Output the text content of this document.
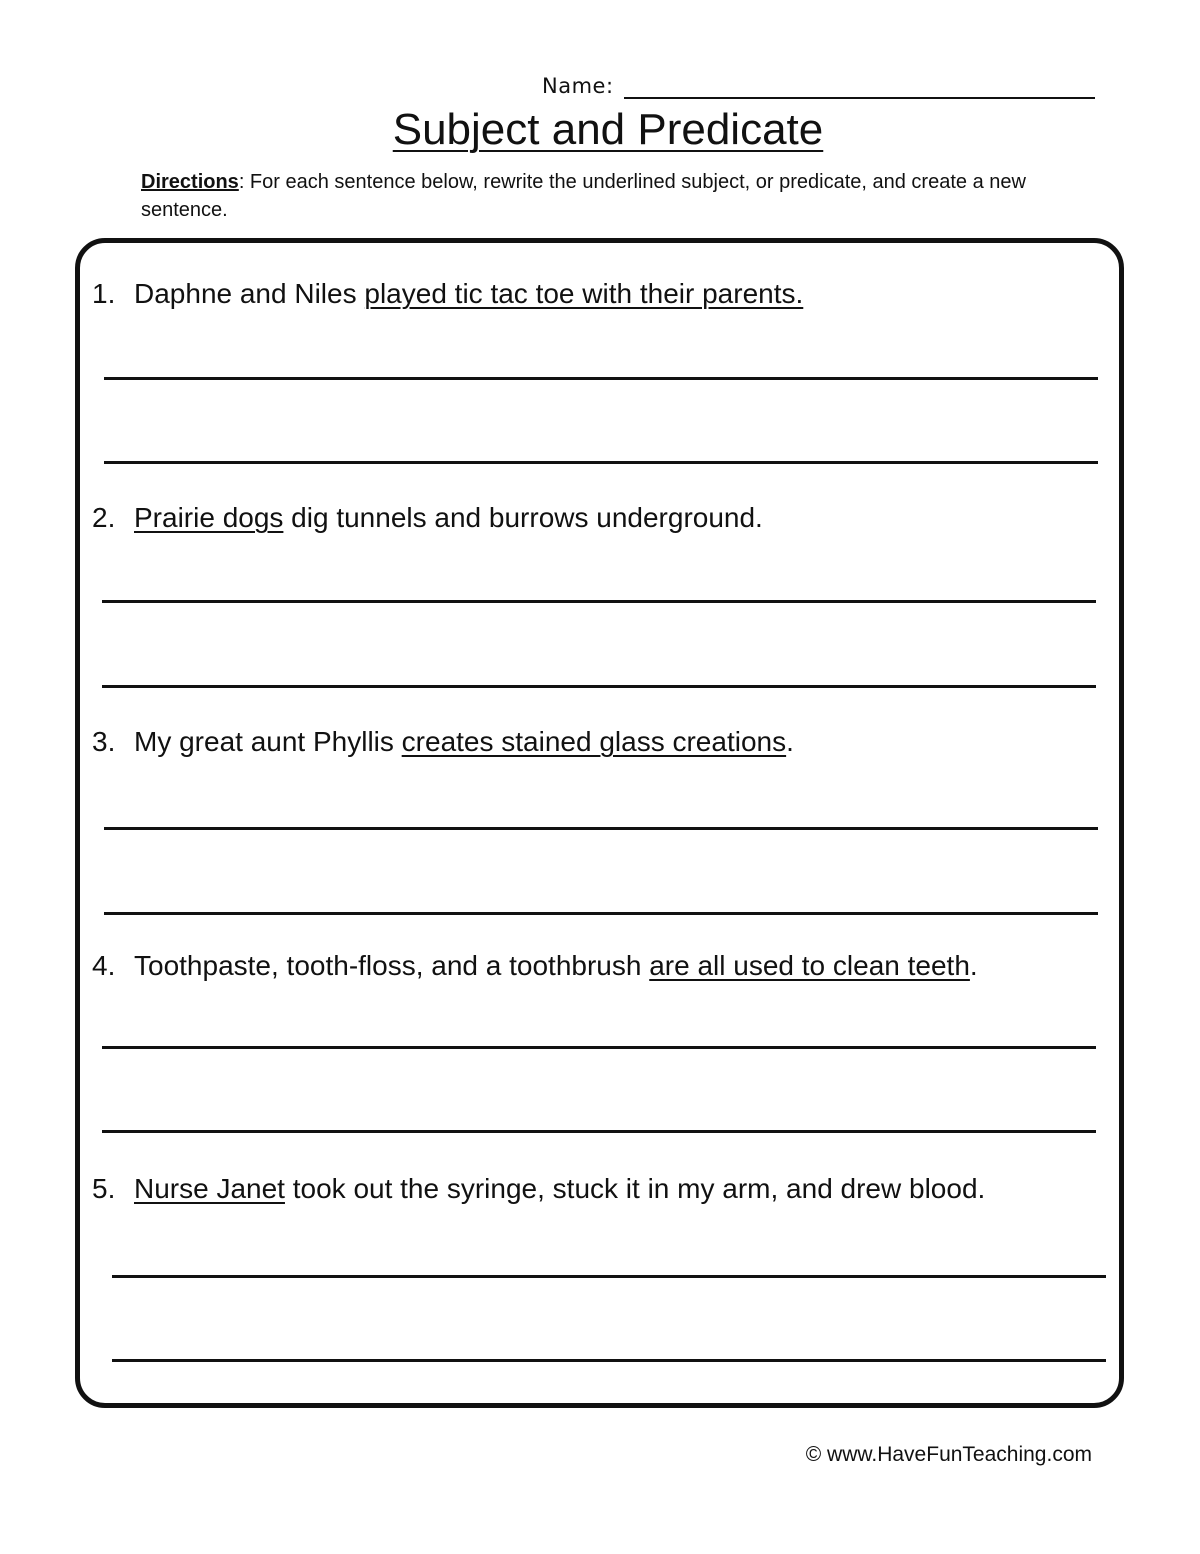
Name:
Subject and Predicate
Directions: For each sentence below, rewrite the underlined subject, or predicate, and create a new sentence.
1. Daphne and Niles played tic tac toe with their parents.
2. Prairie dogs dig tunnels and burrows underground.
3. My great aunt Phyllis creates stained glass creations.
4. Toothpaste, tooth-floss, and a toothbrush are all used to clean teeth.
5. Nurse Janet took out the syringe, stuck it in my arm, and drew blood.
© www.HaveFunTeaching.com
